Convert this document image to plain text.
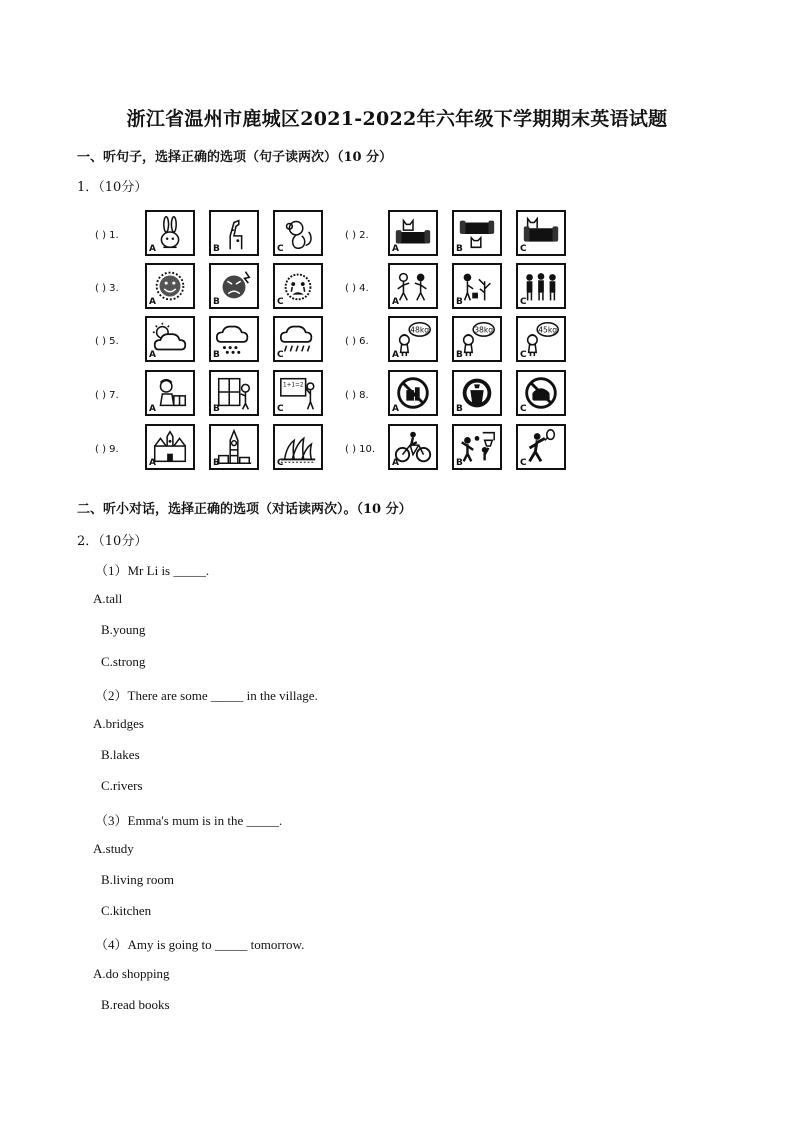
浙江省温州市鹿城区2021-2022年六年级下学期期末英语试题
一、听句子，选择正确的选项（句子读两次）（10 分）
1．（10分）
( ) 1.
A	B	C
( ) 2.
A	B	C
( ) 3.
A	B	C
( ) 4.
A	B	C
( ) 5.
A	B	C
( ) 6.
48kg
A
38kg
B
45kg
C
( ) 7.
A	B
1+1=2
C
( ) 8.
A	B	C
( ) 9.
A	B	C
( ) 10.
A	B	C
二、听小对话，选择正确的选项（对话读两次）。（10 分）
2．（10分）
（1）Mr Li is _____.
A.tall
B.young
C.strong
（2）There are some _____ in the village.
A.bridges
B.lakes
C.rivers
（3）Emma's mum is in the _____.
A.study
B.living room
C.kitchen
（4）Amy is going to _____ tomorrow.
A.do shopping
B.read books
